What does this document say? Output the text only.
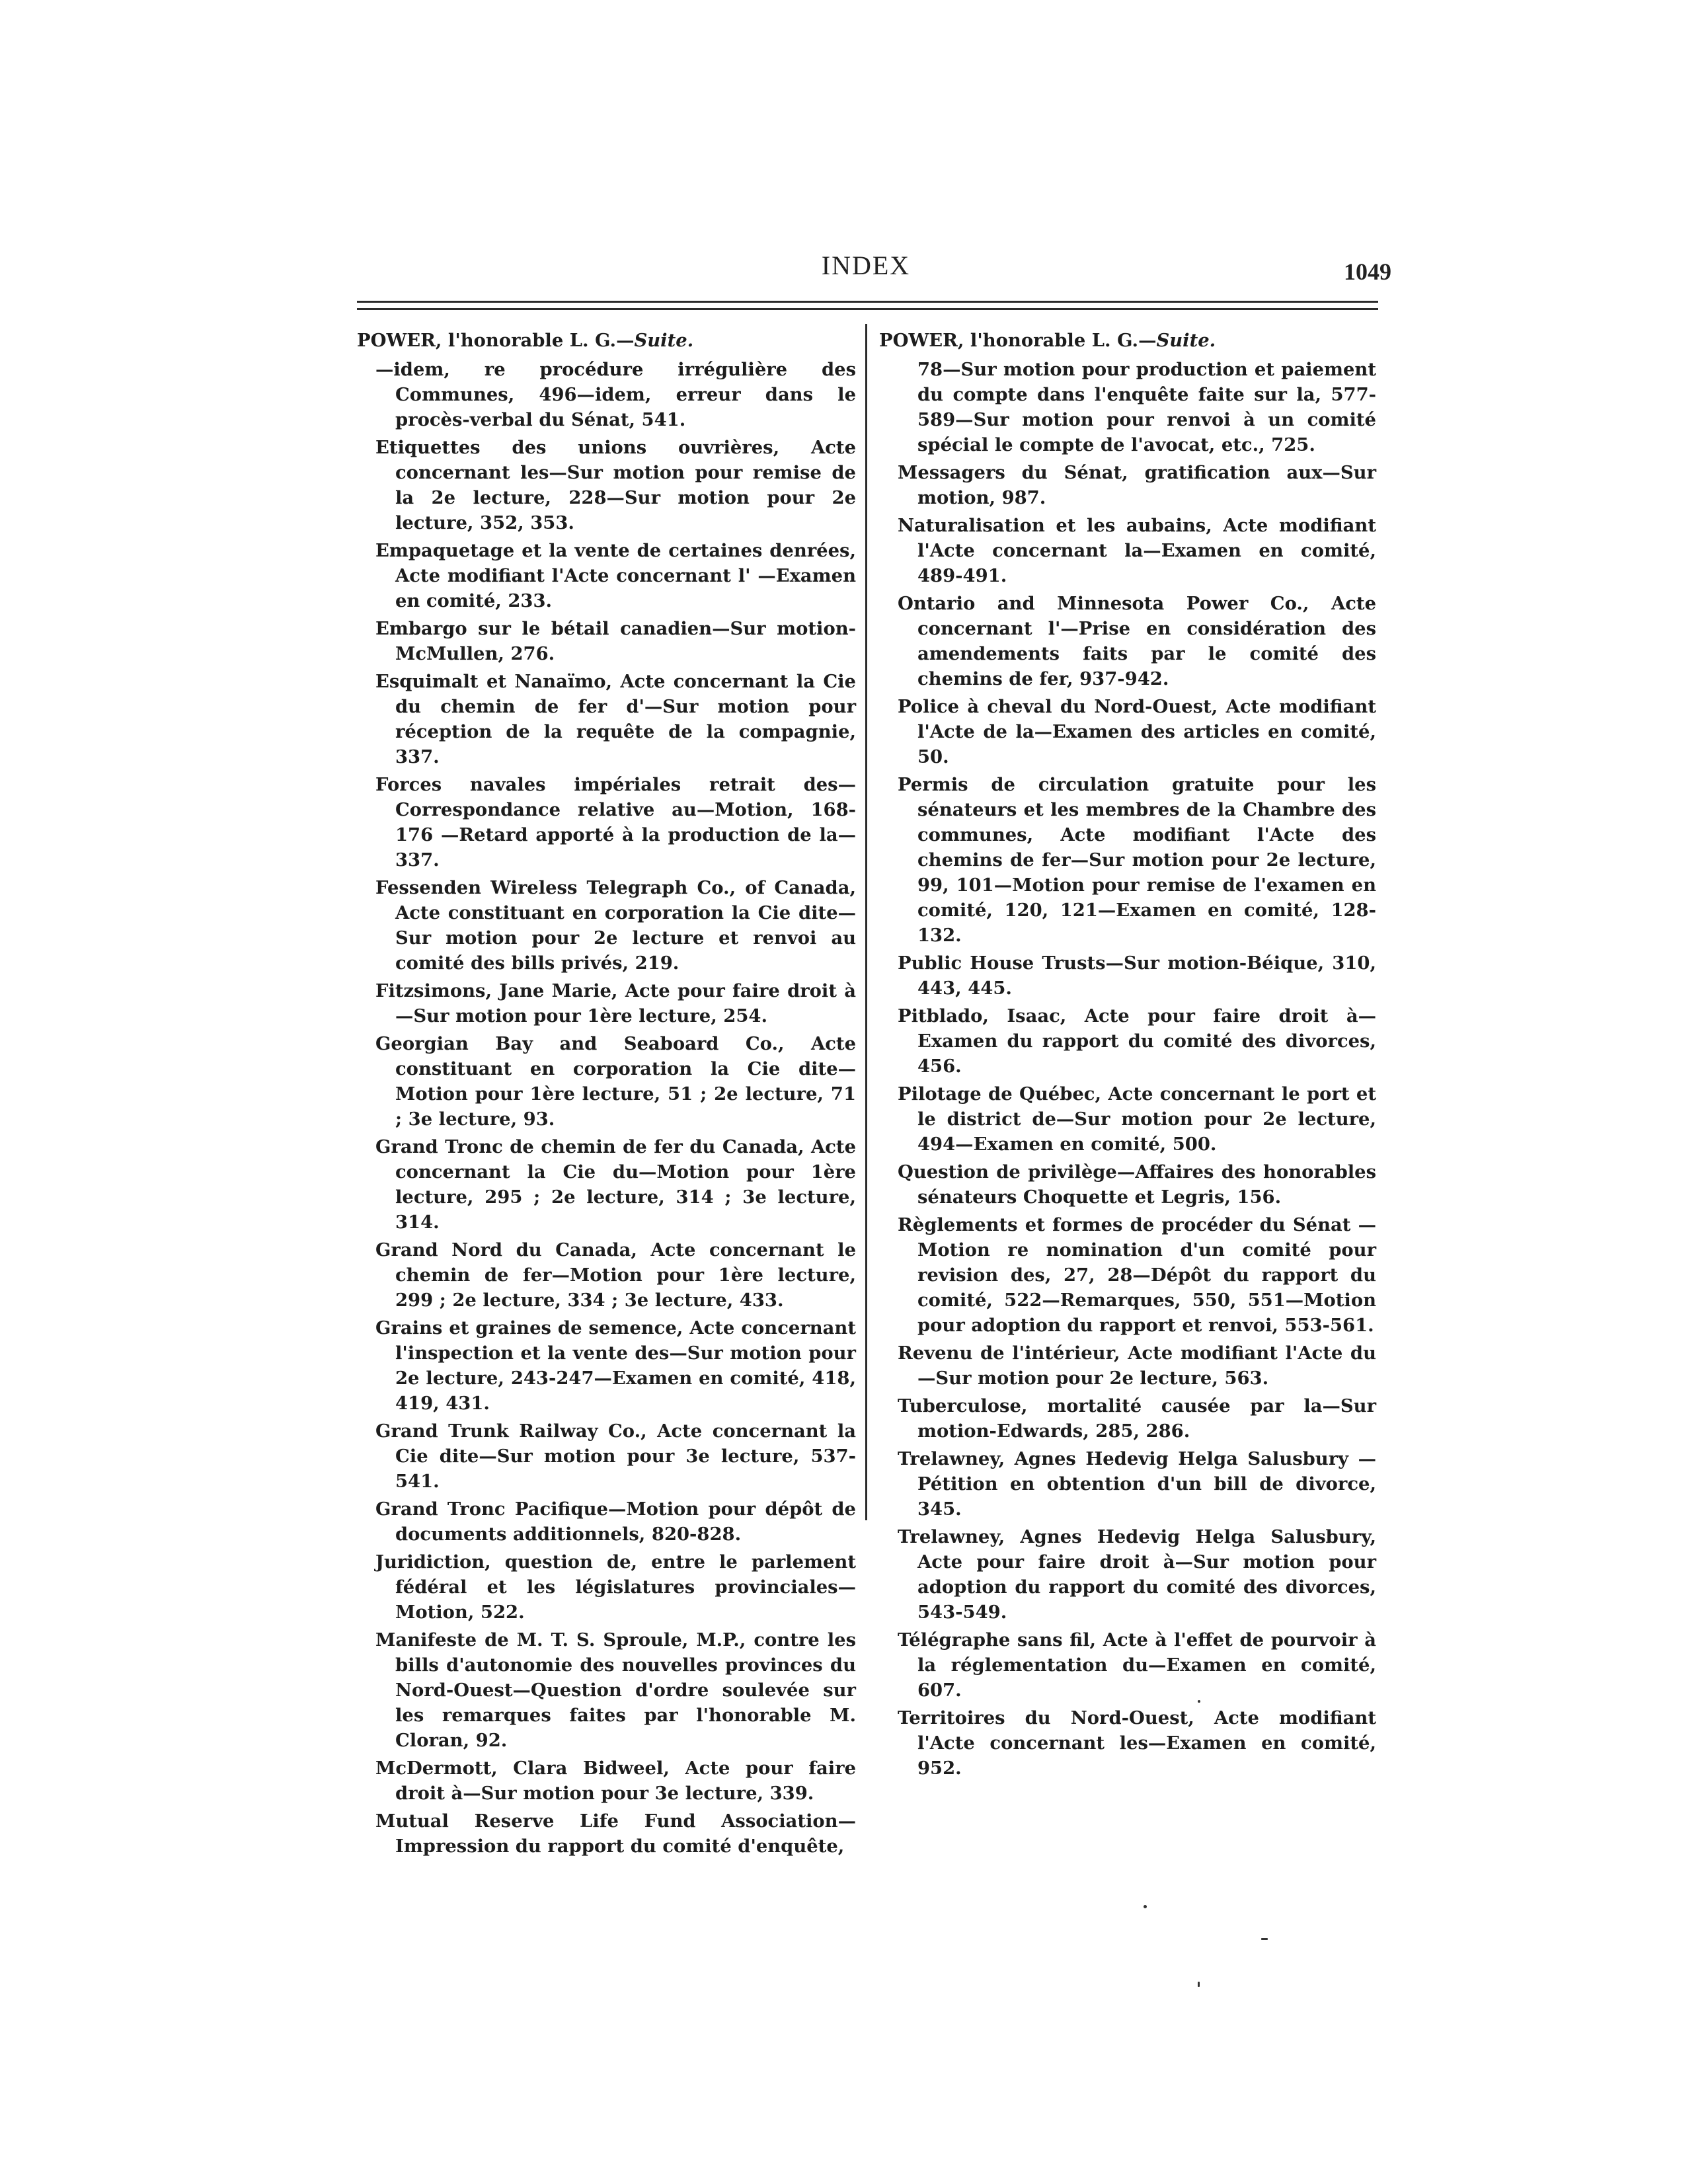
INDEX	1049
POWER, l'honorable L. G.—Suite.
—idem, re procédure irrégulière des Communes, 496—idem, erreur dans le procès-verbal du Sénat, 541.
Etiquettes des unions ouvrières, Acte concernant les—Sur motion pour remise de la 2e lecture, 228—Sur motion pour 2e lecture, 352, 353.
Empaquetage et la vente de certaines denrées, Acte modifiant l'Acte concernant l' —Examen en comité, 233.
Embargo sur le bétail canadien—Sur motion-McMullen, 276.
Esquimalt et Nanaïmo, Acte concernant la Cie du chemin de fer d'—Sur motion pour réception de la requête de la compagnie, 337.
Forces navales impériales retrait des—Correspondance relative au—Motion, 168-176 —Retard apporté à la production de la—337.
Fessenden Wireless Telegraph Co., of Canada, Acte constituant en corporation la Cie dite—Sur motion pour 2e lecture et renvoi au comité des bills privés, 219.
Fitzsimons, Jane Marie, Acte pour faire droit à—Sur motion pour 1ère lecture, 254.
Georgian Bay and Seaboard Co., Acte constituant en corporation la Cie dite—Motion pour 1ère lecture, 51 ; 2e lecture, 71 ; 3e lecture, 93.
Grand Tronc de chemin de fer du Canada, Acte concernant la Cie du—Motion pour 1ère lecture, 295 ; 2e lecture, 314 ; 3e lecture, 314.
Grand Nord du Canada, Acte concernant le chemin de fer—Motion pour 1ère lecture, 299 ; 2e lecture, 334 ; 3e lecture, 433.
Grains et graines de semence, Acte concernant l'inspection et la vente des—Sur motion pour 2e lecture, 243-247—Examen en comité, 418, 419, 431.
Grand Trunk Railway Co., Acte concernant la Cie dite—Sur motion pour 3e lecture, 537-541.
Grand Tronc Pacifique—Motion pour dépôt de documents additionnels, 820-828.
Juridiction, question de, entre le parlement fédéral et les législatures provinciales—Motion, 522.
Manifeste de M. T. S. Sproule, M.P., contre les bills d'autonomie des nouvelles provinces du Nord-Ouest—Question d'ordre soulevée sur les remarques faites par l'honorable M. Cloran, 92.
McDermott, Clara Bidweel, Acte pour faire droit à—Sur motion pour 3e lecture, 339.
Mutual Reserve Life Fund Association—Impression du rapport du comité d'enquête,
POWER, l'honorable L. G.—Suite.
78—Sur motion pour production et paiement du compte dans l'enquête faite sur la, 577-589—Sur motion pour renvoi à un comité spécial le compte de l'avocat, etc., 725.
Messagers du Sénat, gratification aux—Sur motion, 987.
Naturalisation et les aubains, Acte modifiant l'Acte concernant la—Examen en comité, 489-491.
Ontario and Minnesota Power Co., Acte concernant l'—Prise en considération des amendements faits par le comité des chemins de fer, 937-942.
Police à cheval du Nord-Ouest, Acte modifiant l'Acte de la—Examen des articles en comité, 50.
Permis de circulation gratuite pour les sénateurs et les membres de la Chambre des communes, Acte modifiant l'Acte des chemins de fer—Sur motion pour 2e lecture, 99, 101—Motion pour remise de l'examen en comité, 120, 121—Examen en comité, 128-132.
Public House Trusts—Sur motion-Béique, 310, 443, 445.
Pitblado, Isaac, Acte pour faire droit à—Examen du rapport du comité des divorces, 456.
Pilotage de Québec, Acte concernant le port et le district de—Sur motion pour 2e lecture, 494—Examen en comité, 500.
Question de privilège—Affaires des honorables sénateurs Choquette et Legris, 156.
Règlements et formes de procéder du Sénat —Motion re nomination d'un comité pour revision des, 27, 28—Dépôt du rapport du comité, 522—Remarques, 550, 551—Motion pour adoption du rapport et renvoi, 553-561.
Revenu de l'intérieur, Acte modifiant l'Acte du—Sur motion pour 2e lecture, 563.
Tuberculose, mortalité causée par la—Sur motion-Edwards, 285, 286.
Trelawney, Agnes Hedevig Helga Salusbury —Pétition en obtention d'un bill de divorce, 345.
Trelawney, Agnes Hedevig Helga Salusbury, Acte pour faire droit à—Sur motion pour adoption du rapport du comité des divorces, 543-549.
Télégraphe sans fil, Acte à l'effet de pourvoir à la réglementation du—Examen en comité, 607.
Territoires du Nord-Ouest, Acte modifiant l'Acte concernant les—Examen en comité, 952.
